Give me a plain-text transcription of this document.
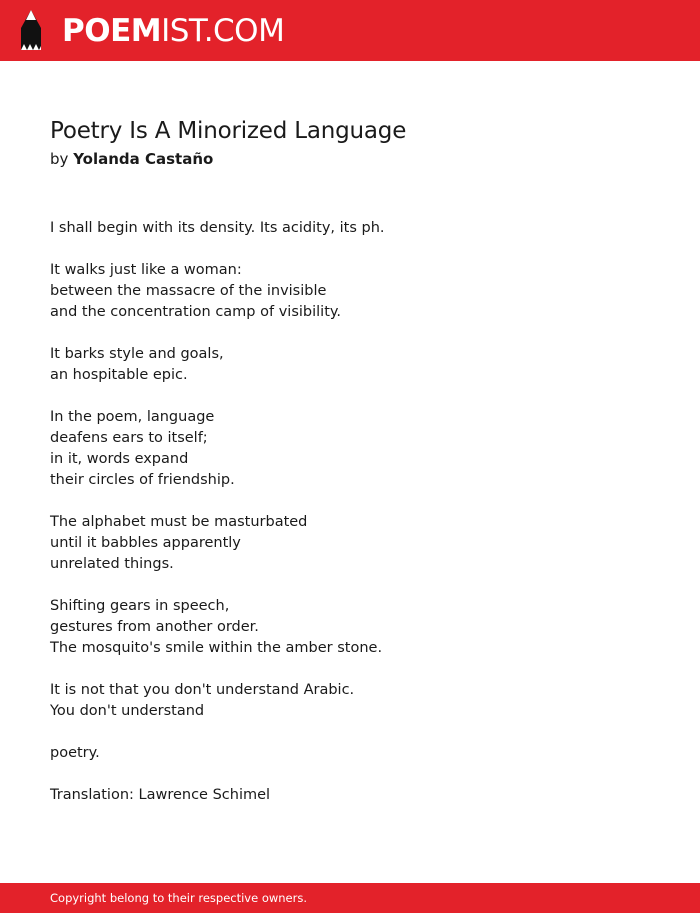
POEMIST.COM
Poetry Is A Minorized Language
by Yolanda Castaño
I shall begin with its density. Its acidity, its ph.
It walks just like a woman:
between the massacre of the invisible
and the concentration camp of visibility.
It barks style and goals,
an hospitable epic.
In the poem, language
deafens ears to itself;
in it, words expand
their circles of friendship.
The alphabet must be masturbated
until it babbles apparently
unrelated things.
Shifting gears in speech,
gestures from another order.
The mosquito's smile within the amber stone.
It is not that you don't understand Arabic.
You don't understand
poetry.
Translation: Lawrence Schimel
Copyright belong to their respective owners.
